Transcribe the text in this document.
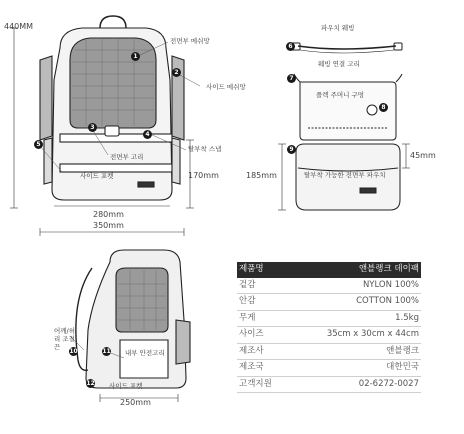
1
2
3
4
5
6
7
8
9
10	11
12
전면부 메쉬망
사이드 메쉬망
전면부 고리
탈부착 스냅
사이드 포켓
파우치 웨빙
웨빙 연결 고리
플렉 주머니 구멍
탈부착 가능한 전면부 파우치
어깨/허리 조절끈
내부 안전고리
사이드 포켓
440MM
170mm
280mm
350mm
185mm
45mm
250mm
제품명	앤블랭크 데이팩
겉감	NYLON 100%
안감	COTTON 100%
무게	1.5kg
사이즈	35cm x 30cm x 44cm
제조사	앤블랭크
제조국	대한민국
고객지원	02-6272-0027
